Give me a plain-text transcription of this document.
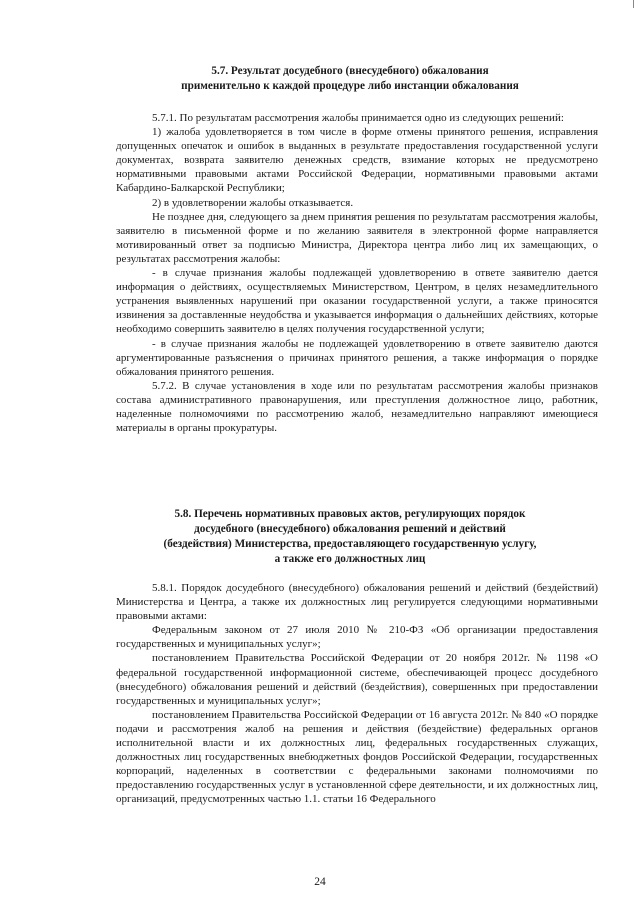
5.7. Результат досудебного (внесудебного) обжалования
применительно к каждой процедуре либо инстанции обжалования

5.7.1. По результатам рассмотрения жалобы принимается одно из следующих решений:

1) жалоба удовлетворяется в том числе в форме отмены принятого решения, исправления допущенных опечаток и ошибок в выданных в результате предоставления государственной услуги документах, возврата заявителю денежных средств, взимание которых не предусмотрено нормативными правовыми актами Российской Федерации, нормативными правовыми актами Кабардино-Балкарской Республики;

2) в удовлетворении жалобы отказывается.

Не позднее дня, следующего за днем принятия решения по результатам рассмотрения жалобы, заявителю в письменной форме и по желанию заявителя в электронной форме направляется мотивированный ответ за подписью Министра, Директора центра либо лиц их замещающих, о результатах рассмотрения жалобы:

- в случае признания жалобы подлежащей удовлетворению в ответе заявителю дается информация о действиях, осуществляемых Министерством, Центром, в целях незамедлительного устранения выявленных нарушений при оказании государственной услуги, а также приносятся извинения за доставленные неудобства и указывается информация о дальнейших действиях, которые необходимо совершить заявителю в целях получения государственной услуги;

- в случае признания жалобы не подлежащей удовлетворению в ответе заявителю даются аргументированные разъяснения о причинах принятого решения, а также информация о порядке обжалования принятого решения.

5.7.2. В случае установления в ходе или по результатам рассмотрения жалобы признаков состава административного правонарушения, или преступления должностное лицо, работник, наделенные полномочиями по рассмотрению жалоб, незамедлительно направляют имеющиеся материалы в органы прокуратуры.

5.8. Перечень нормативных правовых актов, регулирующих порядок
досудебного (внесудебного) обжалования решений и действий
(бездействия) Министерства, предоставляющего государственную услугу,
а также его должностных лиц

5.8.1. Порядок досудебного (внесудебного) обжалования решений и действий (бездействий) Министерства и Центра, а также их должностных лиц регулируется следующими нормативными правовыми актами:

Федеральным законом от 27 июля 2010 № 210-ФЗ «Об организации предоставления государственных и муниципальных услуг»;

постановлением Правительства Российской Федерации от 20 ноября 2012г. № 1198 «О федеральной государственной информационной системе, обеспечивающей процесс досудебного (внесудебного) обжалования решений и действий (бездействия), совершенных при предоставлении государственных и муниципальных услуг»;

постановлением Правительства Российской Федерации от 16 августа 2012г. № 840 «О порядке подачи и рассмотрения жалоб на решения и действия (бездействие) федеральных органов исполнительной власти и их должностных лиц, федеральных государственных служащих, должностных лиц государственных внебюджетных фондов Российской Федерации, государственных корпораций, наделенных в соответствии с федеральными законами полномочиями по предоставлению государственных услуг в установленной сфере деятельности, и их должностных лиц, организаций, предусмотренных частью 1.1. статьи 16 Федерального

24
